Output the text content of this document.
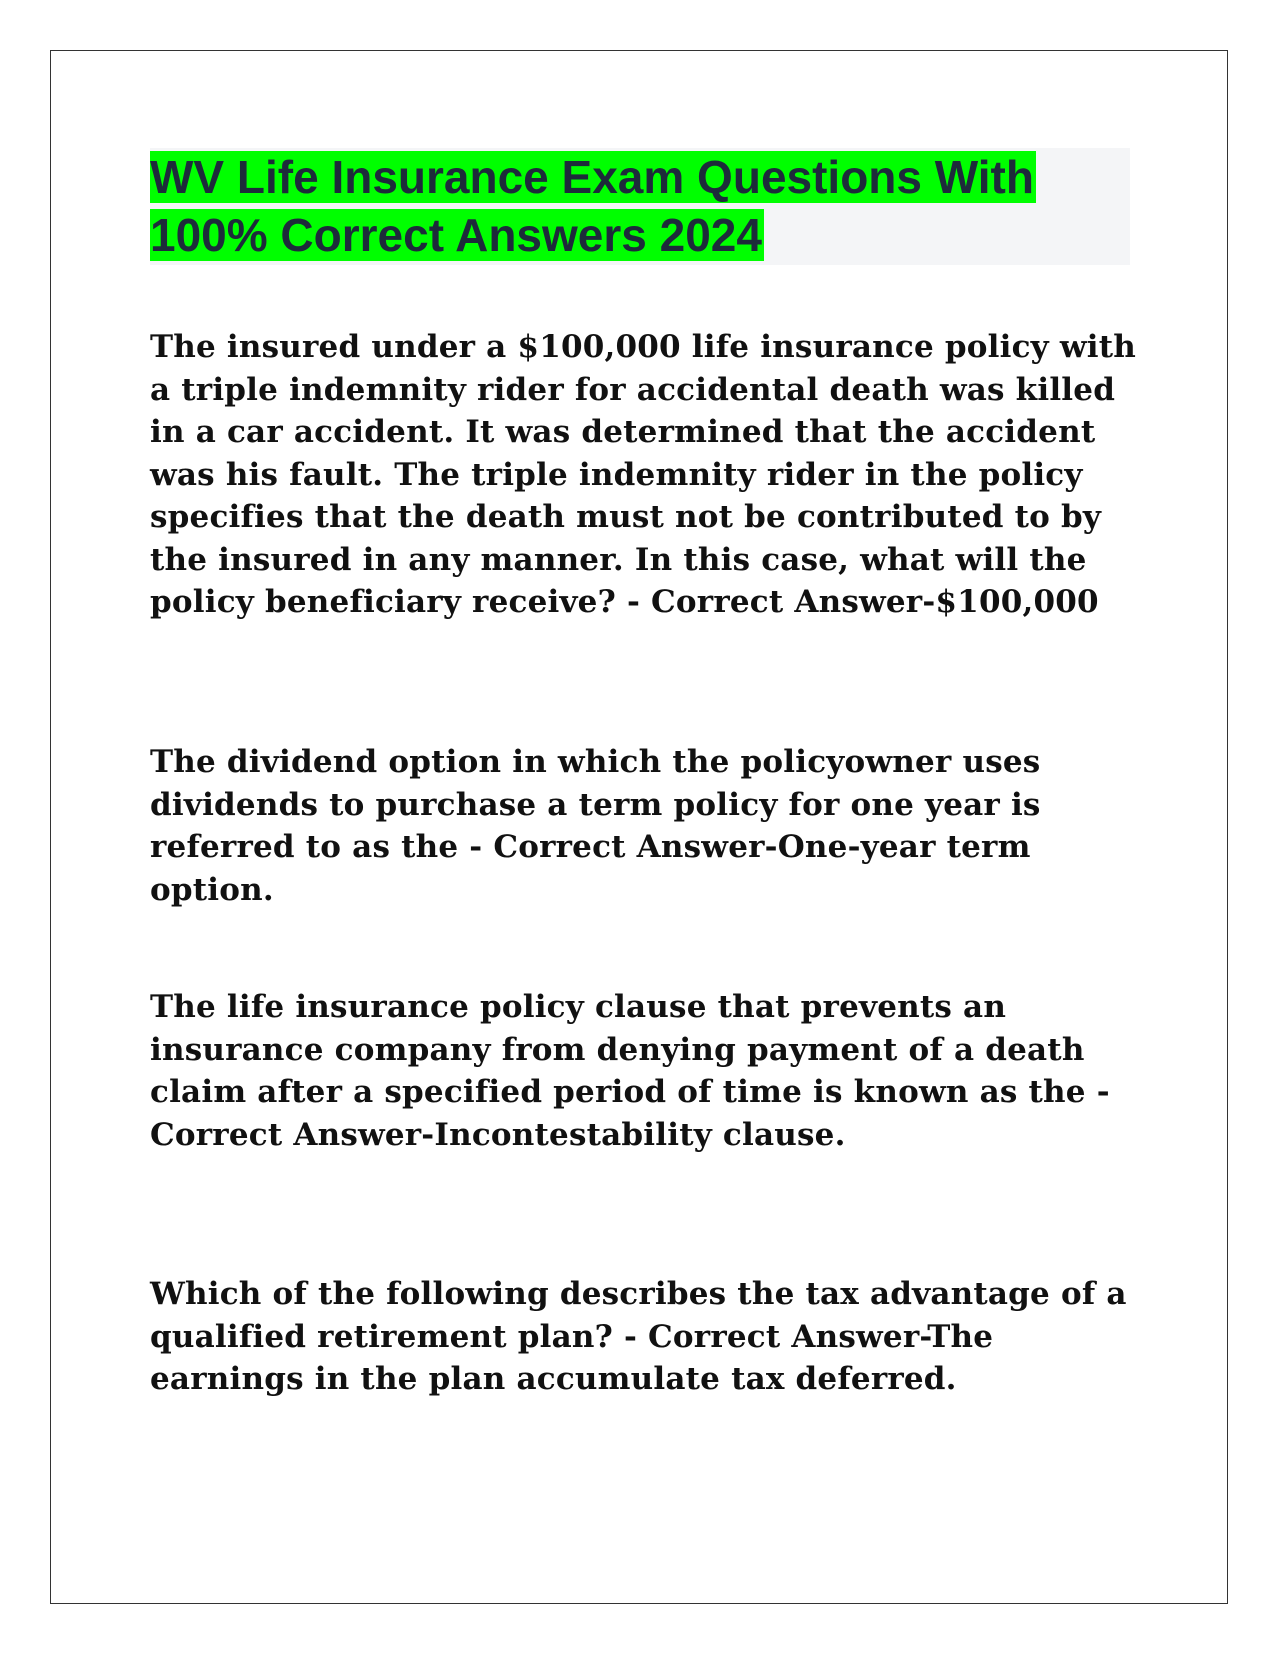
WV Life Insurance Exam Questions With 100% Correct Answers 2024

The insured under a $100,000 life insurance policy with a triple indemnity rider for accidental death was killed in a car accident. It was determined that the accident was his fault. The triple indemnity rider in the policy specifies that the death must not be contributed to by the insured in any manner. In this case, what will the policy beneficiary receive? - Correct Answer-$100,000

The dividend option in which the policyowner uses dividends to purchase a term policy for one year is referred to as the - Correct Answer-One-year term option.

The life insurance policy clause that prevents an insurance company from denying payment of a death claim after a specified period of time is known as the - Correct Answer-Incontestability clause.

Which of the following describes the tax advantage of a qualified retirement plan? - Correct Answer-The earnings in the plan accumulate tax deferred.
